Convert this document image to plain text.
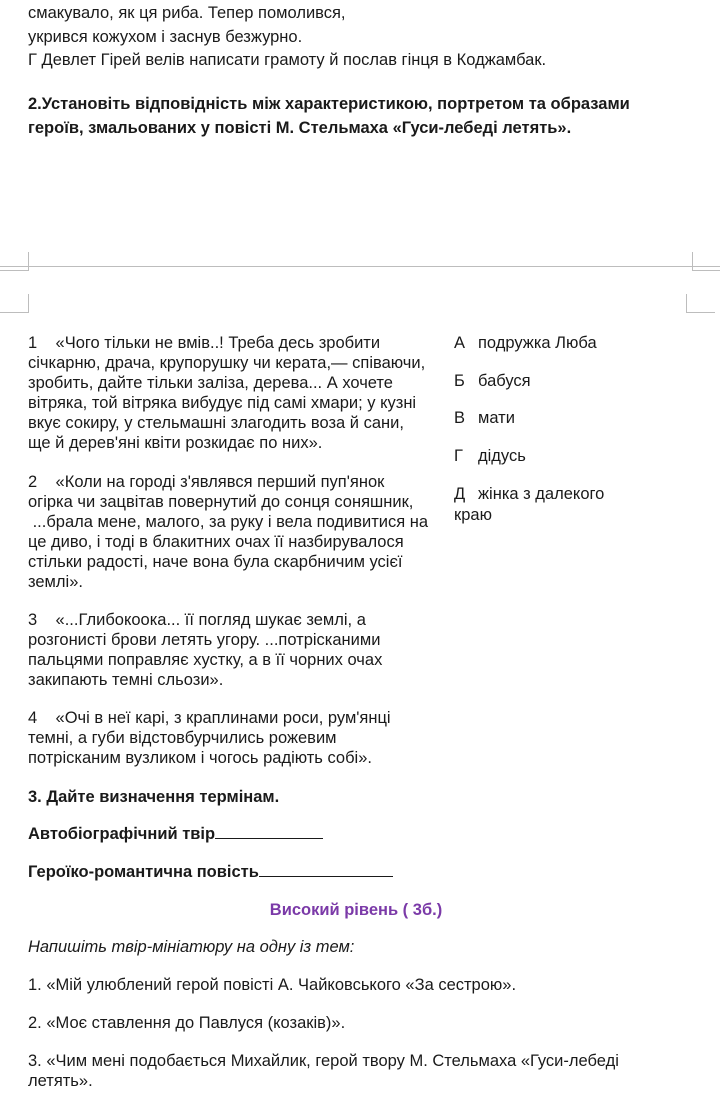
смакувало, як ця риба. Тепер помолився,
укрився кожухом і заснув безжурно.
Г Девлет Гірей велів написати грамоту й послав гінця в Коджамбак.
2.Установіть відповідність між характеристикою, портретом та образами
героїв, змальованих у повісті М. Стельмаха «Гуси-лебеді летять».
1 «Чого тільки не вмів..! Треба десь зробити
січкарню, драча, крупорушку чи керата,— співаючи,
зробить, дайте тільки заліза, дерева... А хочете
вітряка, той вітряка вибудує під самі хмари; у кузні
вкує сокиру, у стельмашні злагодить воза й сани,
ще й дерев'яні квіти розкидає по них».
2 «Коли на городі з'являвся перший пуп'янок
огірка чи зацвітав повернутий до сонця соняшник,
...брала мене, малого, за руку і вела подивитися на
це диво, і тоді в блакитних очах її назбирувалося
стільки радості, наче вона була скарбничим усієї
землі».
3 «...Глибокоока... її погляд шукає землі, а
розгонисті брови летять угору. ...потрісканими
пальцями поправляє хустку, а в її чорних очах
закипають темні сльози».
4 «Очі в неї карі, з краплинами роси, рум'янці
темні, а губи відстовбурчились рожевим
потрісканим вузликом і чогось радіють собі».
А подружка Люба
Б бабуся
В мати
Г дідусь
Д жінка з далекого
краю
3. Дайте визначення термінам.
Автобіографічний твір
Героїко-романтична повість
Високий рівень ( 3б.)
Напишіть твір-мініатюру на одну із тем:
1. «Мій улюблений герой повісті А. Чайковського «За сестрою».
2. «Моє ставлення до Павлуся (козаків)».
3. «Чим мені подобається Михайлик, герой твору М. Стельмаха «Гуси-лебеді
летять».
